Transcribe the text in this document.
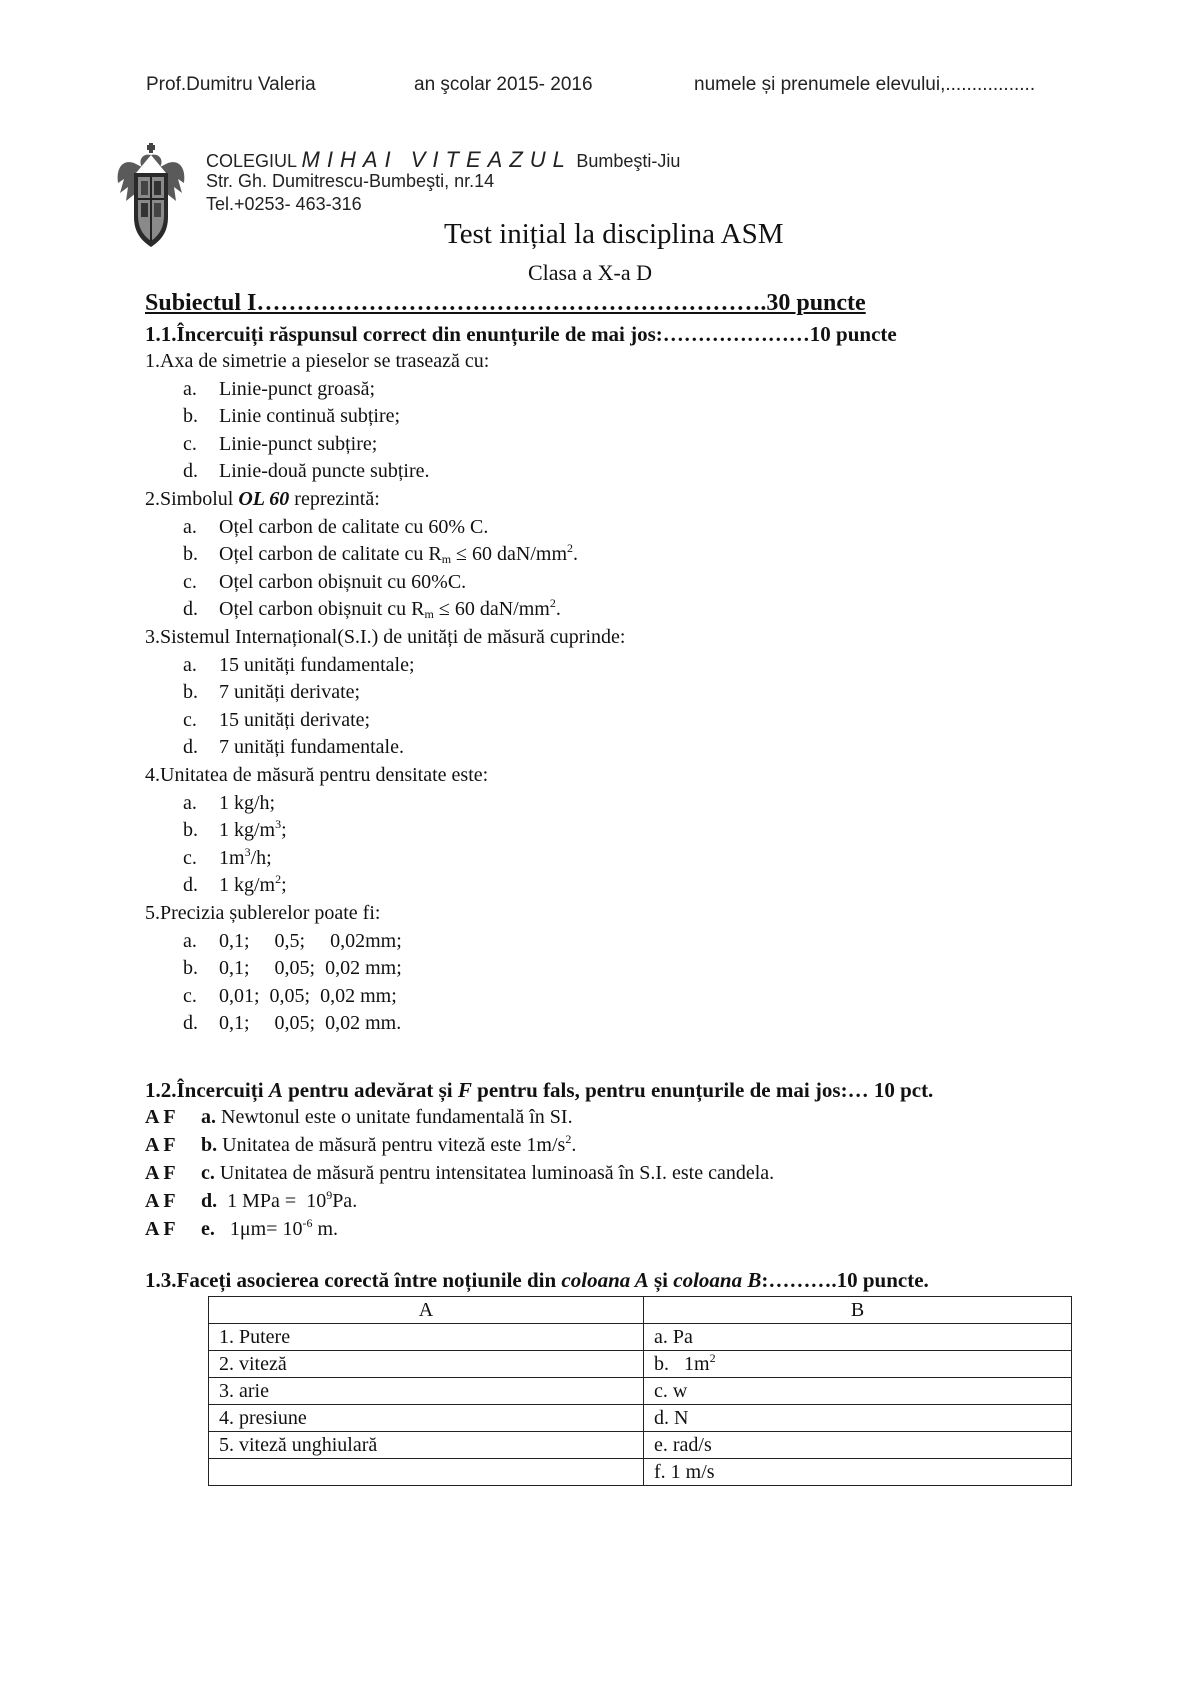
Prof.Dumitru Valeria	an şcolar 2015- 2016	numele și prenumele elevului,.................
COLEGIUL MIHAI VITEAZUL Bumbeşti-Jiu
Str. Gh. Dumitrescu-Bumbeşti, nr.14
Tel.+0253- 463-316
Test inițial la disciplina ASM
Clasa a X-a D
Subiectul I……………………………………………………….30 puncte
1.1.Încercuiți răspunsul correct din enunțurile de mai jos:…………………10 puncte
1.Axa de simetrie a pieselor se trasează cu:
a. Linie-punct groasă;
b. Linie continuă subțire;
c. Linie-punct subțire;
d. Linie-două puncte subțire.
2.Simbolul OL 60 reprezintă:
a. Oțel carbon de calitate cu 60% C.
b. Oțel carbon de calitate cu $R_m \le 60$ daN/$mm^2$.
c. Oțel carbon obișnuit cu 60%C.
d. Oțel carbon obișnuit cu $R_m \le 60$ daN/$mm^2$.
3.Sistemul Internațional(S.I.) de unități de măsură cuprinde:
a. 15 unități fundamentale;
b. 7 unități derivate;
c. 15 unități derivate;
d. 7 unități fundamentale.
4.Unitatea de măsură pentru densitate este:
a. 1 kg/h;
b. 1 $kg/m^3$;
c. $1m^3/h$;
d. 1 $kg/m^2$;
5.Precizia șublerelor poate fi:
a. 0,1;     0,5;     0,02mm;
b. 0,1;     0,05;  0,02 mm;
c. 0,01;  0,05;  0,02 mm;
d. 0,1;     0,05;  0,02 mm.
1.2.Încercuiți A pentru adevărat și F pentru fals, pentru enunțurile de mai jos:… 10 pct.
A F a. Newtonul este o unitate fundamentală în SI.
A F b. Unitatea de măsură pentru viteză este $1m/s^2$.
A F c. Unitatea de măsură pentru intensitatea luminoasă în S.I. este candela.
A F d.  1 MPa =  $10^9Pa$.
A F e.   $1\mu m= 10^{-6}$ m.
1.3.Faceți asocierea corectă între noțiunile din coloana A și coloana B:……….10 puncte.
A	B
1. Putere	a. Pa
2. viteză	b.   $1m^2$
3. arie	c. w
4. presiune	d. N
5. viteză unghiulară	e. rad/s
	f. 1 m/s
